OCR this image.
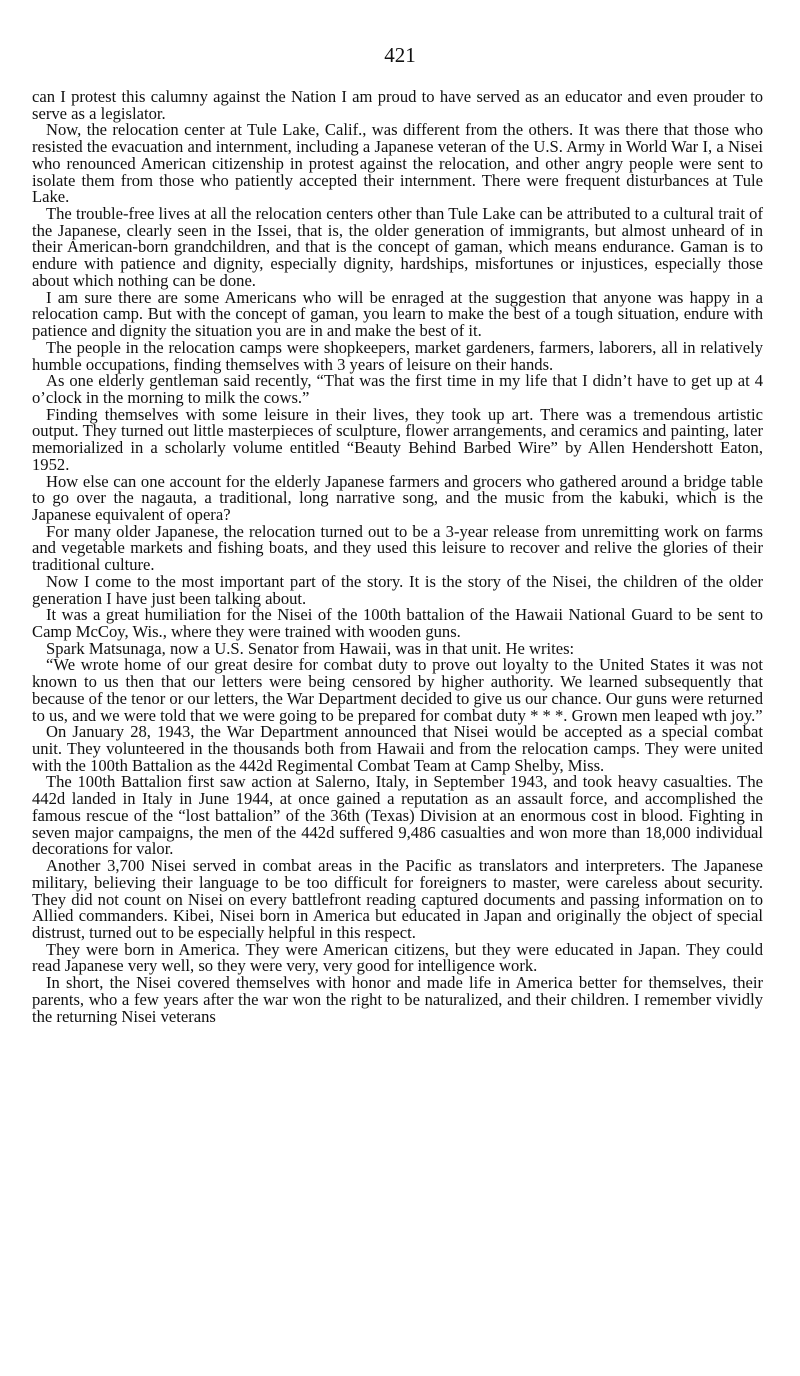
421

can I protest this calumny against the Nation I am proud to have served as an educator and even prouder to serve as a legislator.

Now, the relocation center at Tule Lake, Calif., was different from the others. It was there that those who resisted the evacuation and internment, including a Japanese veteran of the U.S. Army in World War I, a Nisei who renounced American citizenship in protest against the relocation, and other angry people were sent to isolate them from those who patiently accepted their internment. There were frequent disturbances at Tule Lake.

The trouble-free lives at all the relocation centers other than Tule Lake can be attributed to a cultural trait of the Japanese, clearly seen in the Issei, that is, the older generation of immigrants, but almost unheard of in their American-born grandchildren, and that is the concept of gaman, which means endurance. Gaman is to endure with patience and dignity, especially dignity, hardships, misfortunes or injustices, especially those about which nothing can be done.

I am sure there are some Americans who will be enraged at the suggestion that anyone was happy in a relocation camp. But with the concept of gaman, you learn to make the best of a tough situation, endure with patience and dignity the situation you are in and make the best of it.

The people in the relocation camps were shopkeepers, market gardeners, farmers, laborers, all in relatively humble occupations, finding themselves with 3 years of leisure on their hands.

As one elderly gentleman said recently, “That was the first time in my life that I didn’t have to get up at 4 o’clock in the morning to milk the cows.”

Finding themselves with some leisure in their lives, they took up art. There was a tremendous artistic output. They turned out little masterpieces of sculpture, flower arrangements, and ceramics and painting, later memorialized in a scholarly volume entitled “Beauty Behind Barbed Wire” by Allen Hendershott Eaton, 1952.

How else can one account for the elderly Japanese farmers and grocers who gathered around a bridge table to go over the nagauta, a traditional, long narrative song, and the music from the kabuki, which is the Japanese equivalent of opera?

For many older Japanese, the relocation turned out to be a 3-year release from unremitting work on farms and vegetable markets and fishing boats, and they used this leisure to recover and relive the glories of their traditional culture.

Now I come to the most important part of the story. It is the story of the Nisei, the children of the older generation I have just been talking about.

It was a great humiliation for the Nisei of the 100th battalion of the Hawaii National Guard to be sent to Camp McCoy, Wis., where they were trained with wooden guns.

Spark Matsunaga, now a U.S. Senator from Hawaii, was in that unit. He writes:

“We wrote home of our great desire for combat duty to prove out loyalty to the United States it was not known to us then that our letters were being censored by higher authority. We learned subsequently that because of the tenor or our letters, the War Department decided to give us our chance. Our guns were returned to us, and we were told that we were going to be prepared for combat duty * * *. Grown men leaped wth joy.”

On January 28, 1943, the War Department announced that Nisei would be accepted as a special combat unit. They volunteered in the thousands both from Hawaii and from the relocation camps. They were united with the 100th Battalion as the 442d Regimental Combat Team at Camp Shelby, Miss.

The 100th Battalion first saw action at Salerno, Italy, in September 1943, and took heavy casualties. The 442d landed in Italy in June 1944, at once gained a reputation as an assault force, and accomplished the famous rescue of the “lost battalion” of the 36th (Texas) Division at an enormous cost in blood. Fighting in seven major campaigns, the men of the 442d suffered 9,486 casualties and won more than 18,000 individual decorations for valor.

Another 3,700 Nisei served in combat areas in the Pacific as translators and interpreters. The Japanese military, believing their language to be too difficult for foreigners to master, were careless about security. They did not count on Nisei on every battlefront reading captured documents and passing information on to Allied commanders. Kibei, Nisei born in America but educated in Japan and originally the object of special distrust, turned out to be especially helpful in this respect.

They were born in America. They were American citizens, but they were educated in Japan. They could read Japanese very well, so they were very, very good for intelligence work.

In short, the Nisei covered themselves with honor and made life in America better for themselves, their parents, who a few years after the war won the right to be naturalized, and their children. I remember vividly the returning Nisei veterans
